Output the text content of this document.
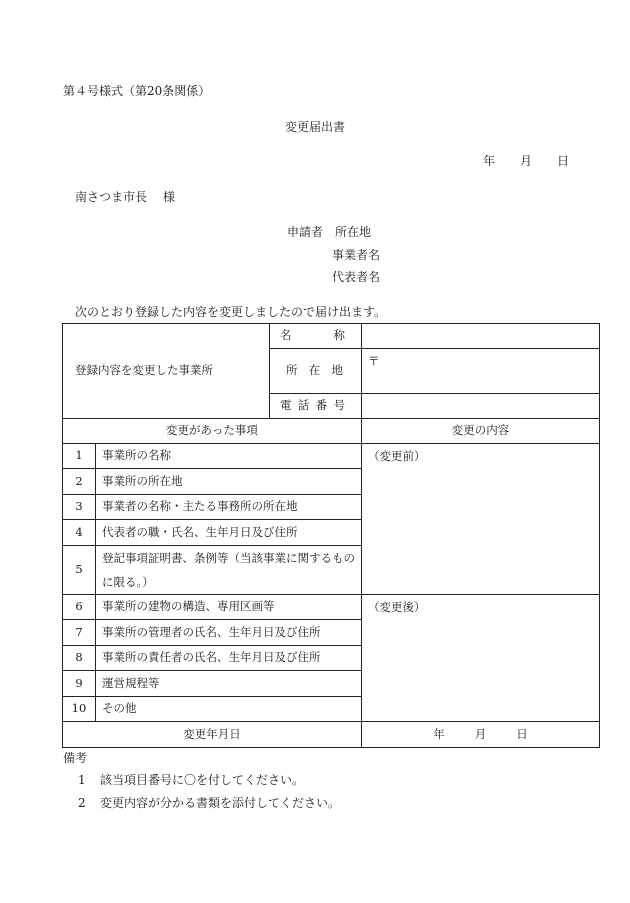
第４号様式（第20条関係）
変更届出書
年 月 日
南さつま市長 様
申請者 所在地
事業者名
代表者名
次のとおり登録した内容を変更しましたので届け出ます。
登録内容を変更した事業所		名 称	

		所 在 地	〒

		電 話 番 号	

変更があった事項			変更の内容
1	事業所の名称		（変更前）
2	事業所の所在地		
3	事業者の名称・主たる事務所の所在地		
4	代表者の職・氏名、生年月日及び住所		
5	登記事項証明書、条例等（当該事業に関するものに限る。）		
6	事業所の建物の構造、専用区画等		（変更後）
7	事業所の管理者の氏名、生年月日及び住所		
8	事業所の責任者の氏名、生年月日及び住所		
9	運営規程等		
10	その他		
変更年月日			年 月 日
備考
1 該当項目番号に〇を付してください。
2 変更内容が分かる書類を添付してください。
